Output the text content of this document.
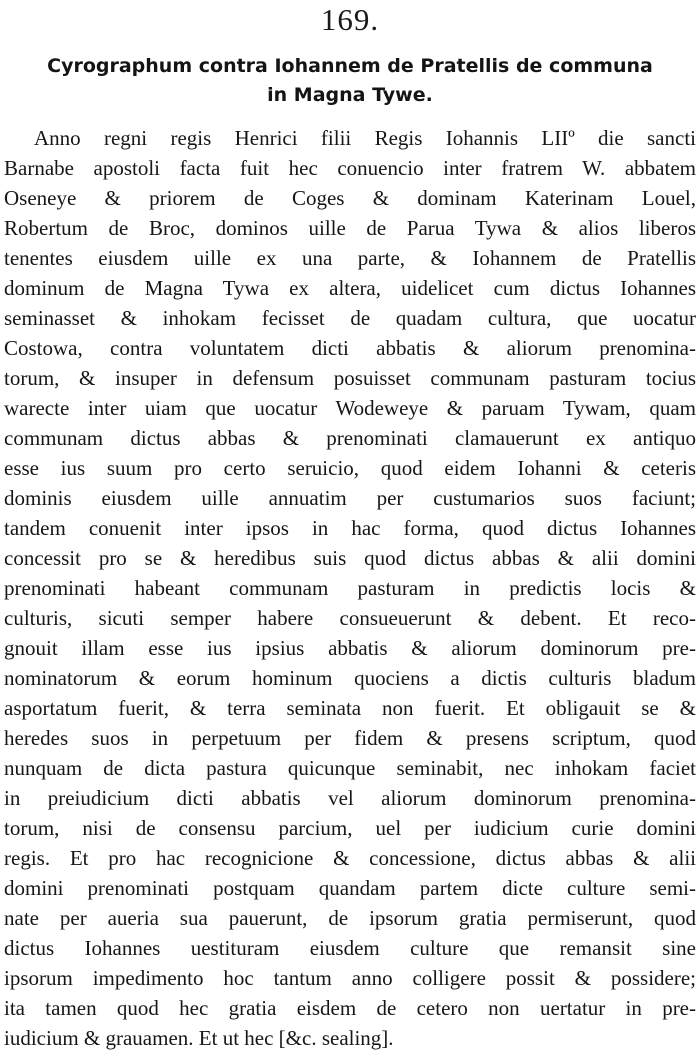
169.
Cyrographum contra Iohannem de Pratellis de communa
in Magna Tywe.
Anno regni regis Henrici filii Regis Iohannis LIIº die sancti
Barnabe apostoli facta fuit hec conuencio inter fratrem W. abbatem
Oseneye & priorem de Coges & dominam Katerinam Louel,
Robertum de Broc, dominos uille de Parua Tywa & alios liberos
tenentes eiusdem uille ex una parte, & Iohannem de Pratellis
dominum de Magna Tywa ex altera, uidelicet cum dictus Iohannes
seminasset & inhokam fecisset de quadam cultura, que uocatur
Costowa, contra voluntatem dicti abbatis & aliorum prenomina-
torum, & insuper in defensum posuisset communam pasturam tocius
warecte inter uiam que uocatur Wodeweye & paruam Tywam, quam
communam dictus abbas & prenominati clamauerunt ex antiquo
esse ius suum pro certo seruicio, quod eidem Iohanni & ceteris
dominis eiusdem uille annuatim per custumarios suos faciunt;
tandem conuenit inter ipsos in hac forma, quod dictus Iohannes
concessit pro se & heredibus suis quod dictus abbas & alii domini
prenominati habeant communam pasturam in predictis locis &
culturis, sicuti semper habere consueuerunt & debent. Et reco-
gnouit illam esse ius ipsius abbatis & aliorum dominorum pre-
nominatorum & eorum hominum quociens a dictis culturis bladum
asportatum fuerit, & terra seminata non fuerit. Et obligauit se &
heredes suos in perpetuum per fidem & presens scriptum, quod
nunquam de dicta pastura quicunque seminabit, nec inhokam faciet
in preiudicium dicti abbatis vel aliorum dominorum prenomina-
torum, nisi de consensu parcium, uel per iudicium curie domini
regis. Et pro hac recognicione & concessione, dictus abbas & alii
domini prenominati postquam quandam partem dicte culture semi-
nate per aueria sua pauerunt, de ipsorum gratia permiserunt, quod
dictus Iohannes uestituram eiusdem culture que remansit sine
ipsorum impedimento hoc tantum anno colligere possit & possidere;
ita tamen quod hec gratia eisdem de cetero non uertatur in pre-
iudicium & grauamen. Et ut hec [&c. sealing].
